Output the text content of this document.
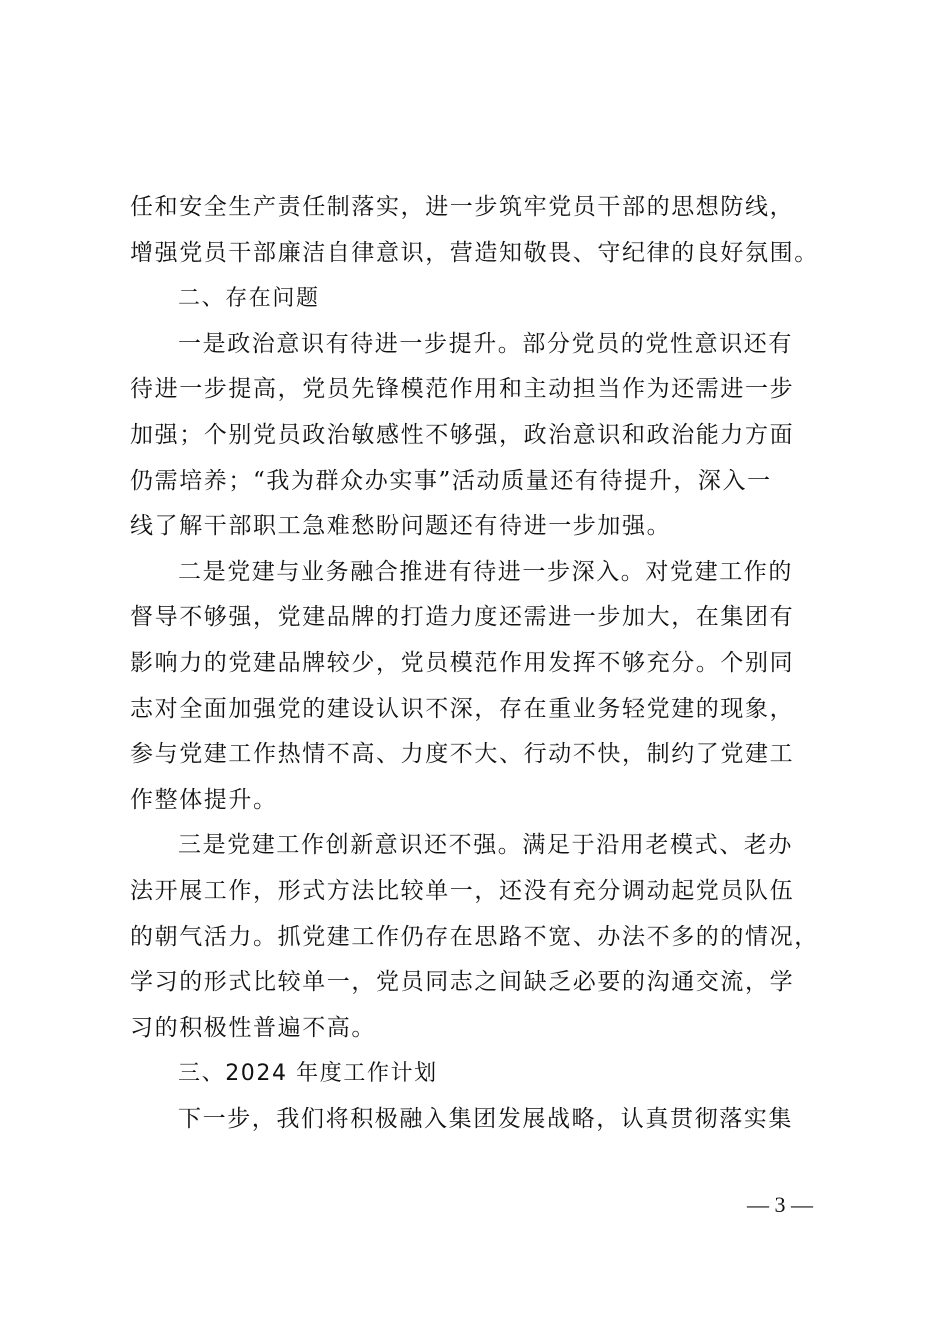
任和安全生产责任制落实，进一步筑牢党员干部的思想防线，
增强党员干部廉洁自律意识，营造知敬畏、守纪律的良好氛围。
二、存在问题
一是政治意识有待进一步提升。部分党员的党性意识还有
待进一步提高，党员先锋模范作用和主动担当作为还需进一步
加强；个别党员政治敏感性不够强，政治意识和政治能力方面
仍需培养；“我为群众办实事”活动质量还有待提升，深入一
线了解干部职工急难愁盼问题还有待进一步加强。
二是党建与业务融合推进有待进一步深入。对党建工作的
督导不够强，党建品牌的打造力度还需进一步加大，在集团有
影响力的党建品牌较少，党员模范作用发挥不够充分。个别同
志对全面加强党的建设认识不深，存在重业务轻党建的现象，
参与党建工作热情不高、力度不大、行动不快，制约了党建工
作整体提升。
三是党建工作创新意识还不强。满足于沿用老模式、老办
法开展工作，形式方法比较单一，还没有充分调动起党员队伍
的朝气活力。抓党建工作仍存在思路不宽、办法不多的的情况，
学习的形式比较单一，党员同志之间缺乏必要的沟通交流，学
习的积极性普遍不高。
三、2024 年度工作计划
下一步，我们将积极融入集团发展战略，认真贯彻落实集
— 3 —
